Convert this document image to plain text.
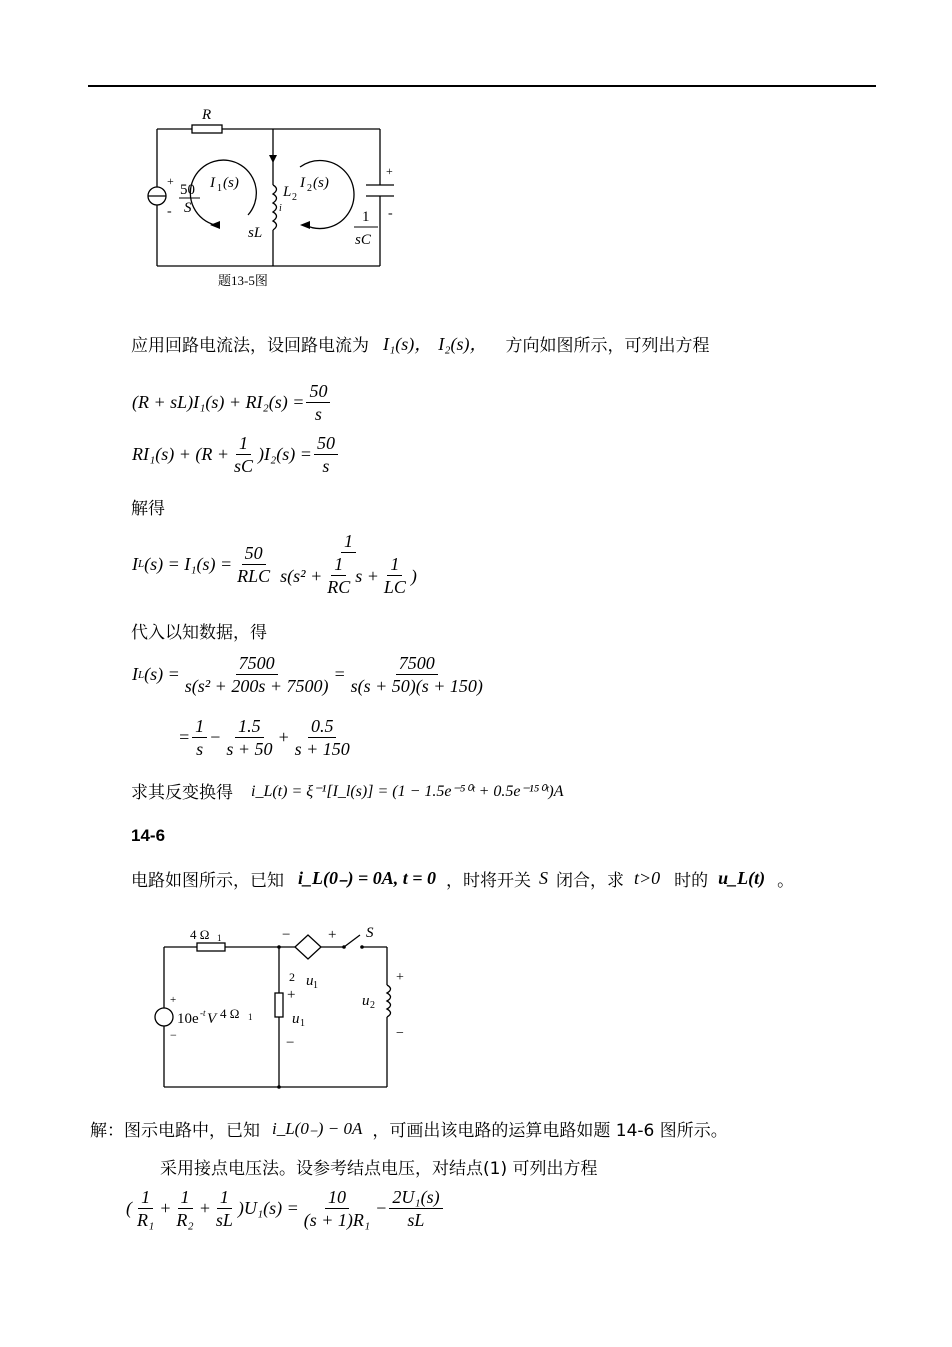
R
+
-
50
S
I 1 (s)
L 2
I 2 (s)
i
sL
+
-
1
sC
题13-5图
应用回路电流法，设回路电流为 I₁(s)， I₂(s)， 方向如图所示，可列出方程
$(R + sL)I_1(s) + RI_2(s) = \frac{50}{s}$
$RI_1(s) + (R + \frac{1}{sC} )I_2(s) = \frac{50}{s}$
解得
I L $(s) = I_1(s) = \frac{50}{\text{RLC}} \frac{1}{s(s^2 + \frac{1}{RC} s + \frac{1}{LC} )}$
代入以知数据，得
I L $(s) = \frac{7500}{\text{s(s² + 200s + 7500)}} = \frac{7500}{s(s + 50)(s + 150)}$
= $\frac{1}{s} - \frac{1.5}{s + 50} + \frac{0.5}{s + 150}$
求其反变换得 i_L(t) = ξ⁻¹[I_l(s)] = (1 − 1.5e⁻⁵⁰ᵗ + 0.5e⁻¹⁵⁰ᵗ)A
14-6
电路如图所示，已知 i_L(0₋) = 0A, t = 0 ，时将开关 S 闭合，求 t>0 时的 u_L(t) 。
4 Ω 1	−	+ S
+
10e -t V
−
4 Ω 1
2 u 1
+
u 1
−
u 2
+
−
解：图示电路中，已知 i_L(0₋) − 0A ，可画出该电路的运算电路如题 14-6 图所示。
采用接点电压法。设参考结点电压，对结点(1) 可列出方程
( $\frac{1}{\text{R₁}} + \frac{1}{\text{R₂}} + \frac{1}{sL} )U_1(s) = \frac{10}{\text{(s + 1)R₁}} - \frac{\text{2U₁(s)}}{sL}$
